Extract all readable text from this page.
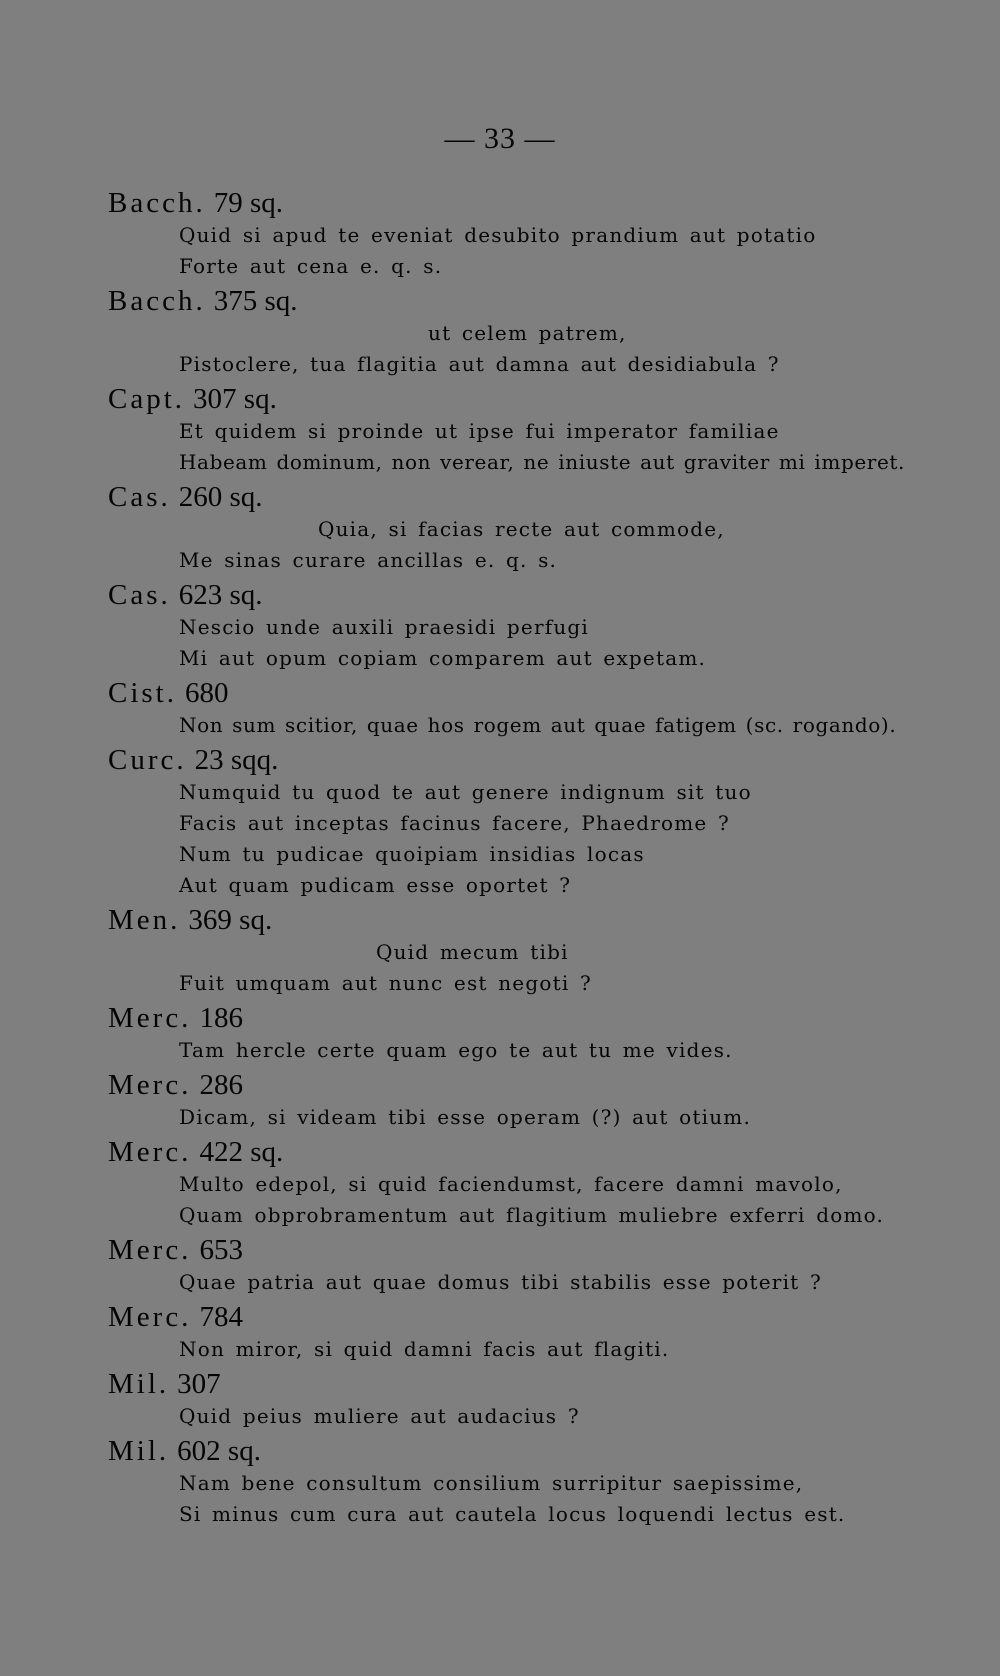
— 33 —
Bacch. 79 sq.
Quid si apud te eveniat desubito prandium aut potatio
Forte aut cena e. q. s.
Bacch. 375 sq.
ut celem patrem,
Pistoclere, tua flagitia aut damna aut desidiabula ?
Capt. 307 sq.
Et quidem si proinde ut ipse fui imperator familiae
Habeam dominum, non verear, ne iniuste aut graviter mi imperet.
Cas. 260 sq.
Quia, si facias recte aut commode,
Me sinas curare ancillas e. q. s.
Cas. 623 sq.
Nescio unde auxili praesidi perfugi
Mi aut opum copiam comparem aut expetam.
Cist. 680
Non sum scitior, quae hos rogem aut quae fatigem (sc. rogando).
Curc. 23 sqq.
Numquid tu quod te aut genere indignum sit tuo
Facis aut inceptas facinus facere, Phaedrome ?
Num tu pudicae quoipiam insidias locas
Aut quam pudicam esse oportet ?
Men. 369 sq.
Quid mecum tibi
Fuit umquam aut nunc est negoti ?
Merc. 186
Tam hercle certe quam ego te aut tu me vides.
Merc. 286
Dicam, si videam tibi esse operam (?) aut otium.
Merc. 422 sq.
Multo edepol, si quid faciendumst, facere damni mavolo,
Quam obprobramentum aut flagitium muliebre exferri domo.
Merc. 653
Quae patria aut quae domus tibi stabilis esse poterit ?
Merc. 784
Non miror, si quid damni facis aut flagiti.
Mil. 307
Quid peius muliere aut audacius ?
Mil. 602 sq.
Nam bene consultum consilium surripitur saepissime,
Si minus cum cura aut cautela locus loquendi lectus est.
